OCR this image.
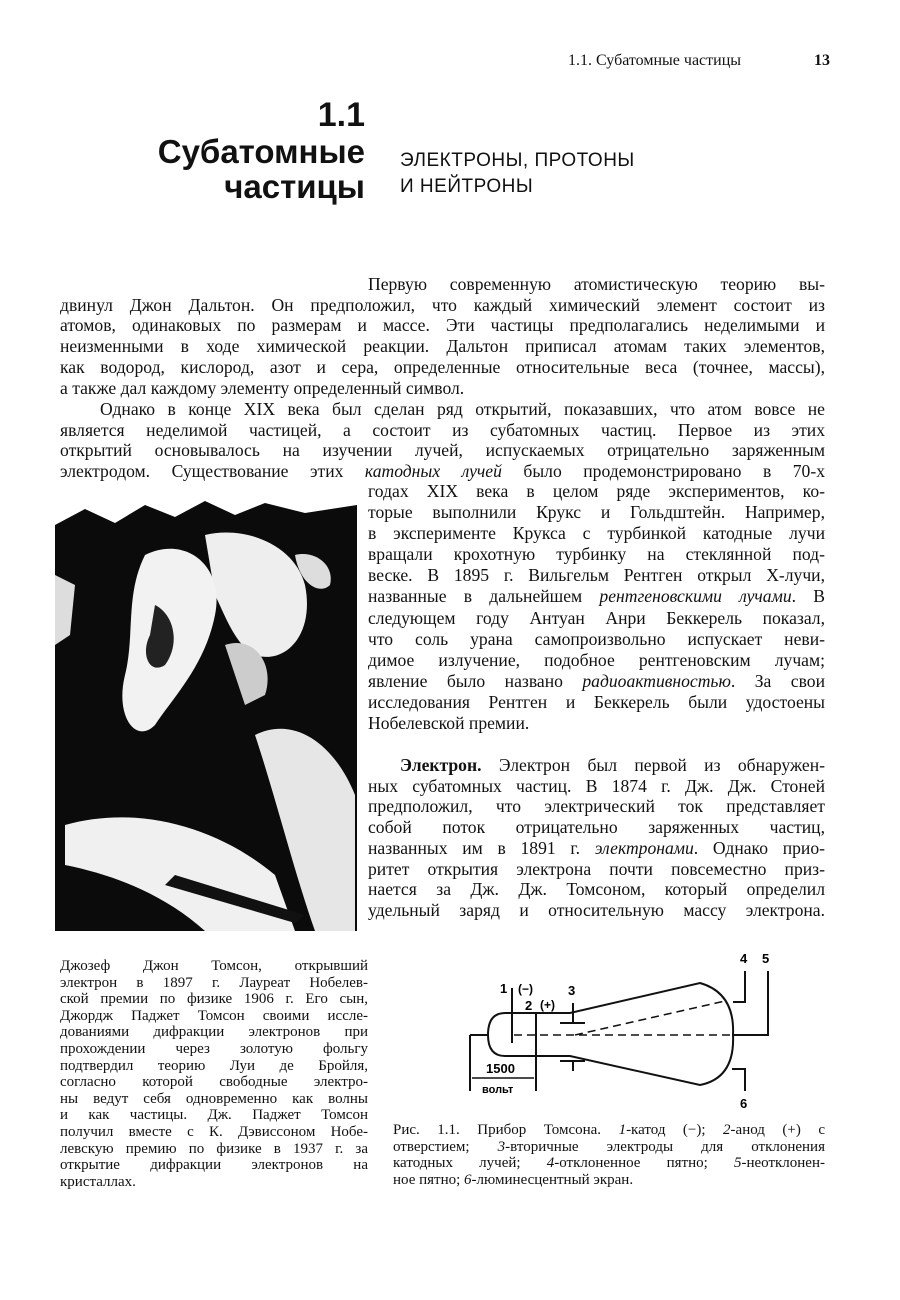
1.1. Субатомные частицы	13
1.1
Субатомные
частицы
ЭЛЕКТРОНЫ, ПРОТОНЫ
И НЕЙТРОНЫ
Первую современную атомистическую теорию вы-
двинул Джон Дальтон. Он предположил, что каждый химический элемент состоит из
атомов, одинаковых по размерам и массе. Эти частицы предполагались неделимыми и
неизменными в ходе химической реакции. Дальтон приписал атомам таких элементов,
как водород, кислород, азот и сера, определенные относительные веса (точнее, массы),
а также дал каждому элементу определенный символ.
Однако в конце XIX века был сделан ряд открытий, показавших, что атом вовсе не
является неделимой частицей, а состоит из субатомных частиц. Первое из этих
открытий основывалось на изучении лучей, испускаемых отрицательно заряженным
электродом. Существование этих катодных лучей было продемонстрировано в 70-х
годах XIX века в целом ряде экспериментов, ко-
торые выполнили Крукс и Гольдштейн. Например,
в эксперименте Крукса с турбинкой катодные лучи
вращали крохотную турбинку на стеклянной под-
веске. В 1895 г. Вильгельм Рентген открыл Х-лучи,
названные в дальнейшем рентгеновскими лучами. В
следующем году Антуан Анри Беккерель показал,
что соль урана самопроизвольно испускает неви-
димое излучение, подобное рентгеновским лучам;
явление было названо радиоактивностью. За свои
исследования Рентген и Беккерель были удостоены
Нобелевской премии.
Электрон. Электрон был первой из обнаружен-
ных субатомных частиц. В 1874 г. Дж. Дж. Стоней
предположил, что электрический ток представляет
собой поток отрицательно заряженных частиц,
названных им в 1891 г. электронами. Однако прио-
ритет открытия электрона почти повсеместно приз-
нается за Дж. Дж. Томсоном, который определил
удельный заряд и относительную массу электрона.
Джозеф Джон Томсон, открывший
электрон в 1897 г. Лауреат Нобелев-
ской премии по физике 1906 г. Его сын,
Джордж Паджет Томсон своими иссле-
дованиями дифракции электронов при
прохождении через золотую фольгу
подтвердил теорию Луи де Бройля,
согласно которой свободные электро-
ны ведут себя одновременно как волны
и как частицы. Дж. Паджет Томсон
получил вместе с К. Дэвиссоном Нобе-
левскую премию по физике в 1937 г. за
открытие дифракции электронов на
кристаллах.
1 (−)
2 (+)
3
4 5
6
1500
вольт
Рис. 1.1. Прибор Томсона. 1-катод (−); 2-анод (+) с
отверстием; 3-вторичные электроды для отклонения
катодных лучей; 4-отклоненное пятно; 5-неотклонен-
ное пятно; 6-люминесцентный экран.
